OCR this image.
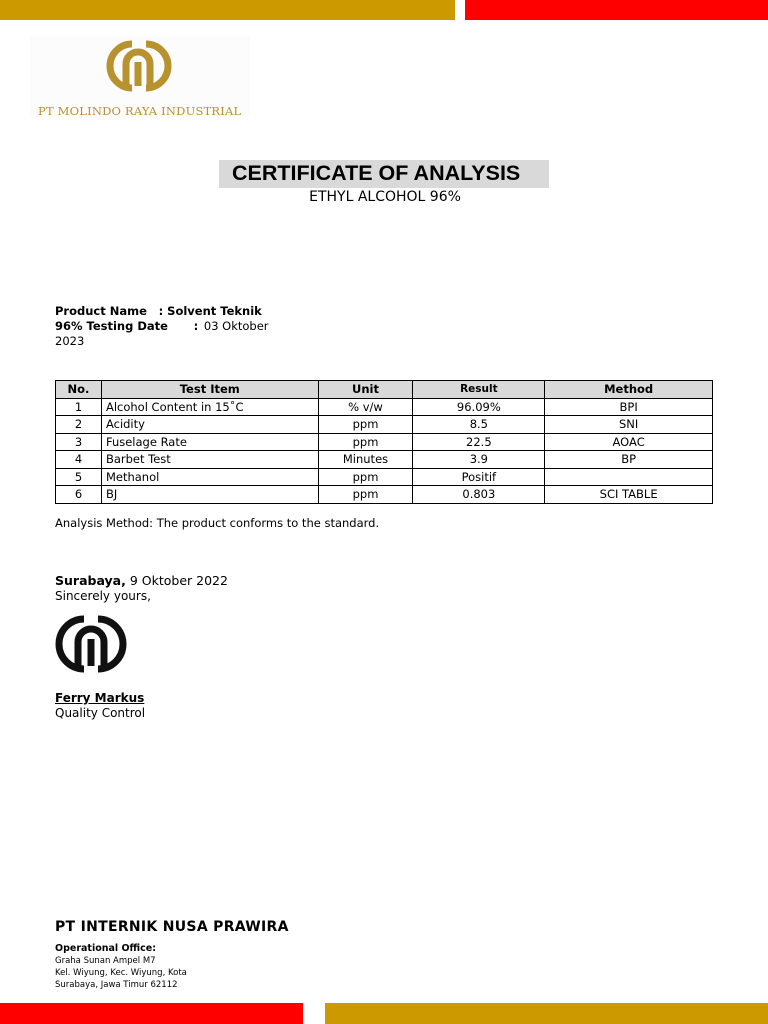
PT MOLINDO RAYA INDUSTRIAL
CERTIFICATE OF ANALYSIS
ETHYL ALCOHOL 96%
Product Name : Solvent Teknik
96% Testing Date : 03 Oktober
2023
No.	Test Item	Unit	Result	Method
1	Alcohol Content in 15˚C	% v/w	96.09%	BPI
2	Acidity	ppm	8.5	SNI
3	Fuselage Rate	ppm	22.5	AOAC
4	Barbet Test	Minutes	3.9	BP
5	Methanol	ppm	Positif	
6	BJ	ppm	0.803	SCI TABLE
Analysis Method: The product conforms to the standard.
Surabaya, 9 Oktober 2022
Sincerely yours,
Ferry Markus
Quality Control
PT INTERNIK NUSA PRAWIRA
Operational Office:
Graha Sunan Ampel M7
Kel. Wiyung, Kec. Wiyung, Kota
Surabaya, Jawa Timur 62112
